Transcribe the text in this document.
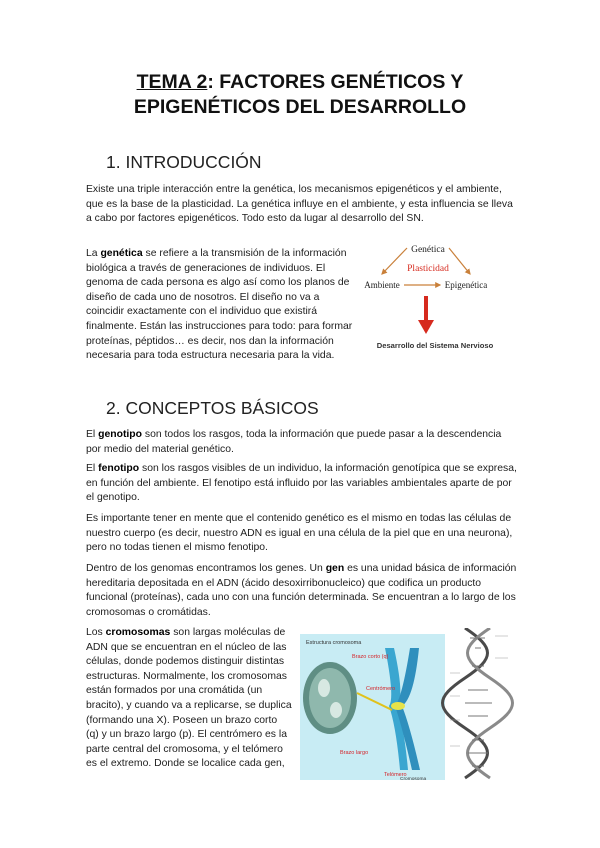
TEMA 2: FACTORES GENÉTICOS Y
EPIGENÉTICOS DEL DESARROLLO
1. INTRODUCCIÓN

Existe una triple interacción entre la genética, los mecanismos epigenéticos y el ambiente, que es la base de la plasticidad. La genética influye en el ambiente, y esta influencia se lleva a cabo por factores epigenéticos. Todo esto da lugar al desarrollo del SN.

La genética se refiere a la transmisión de la información biológica a través de generaciones de individuos. El genoma de cada persona es algo así como los planos de diseño de cada uno de nosotros. El diseño no va a coincidir exactamente con el individuo que existirá finalmente. Están las instrucciones para todo: para formar proteínas, péptidos… es decir, nos dan la información necesaria para toda estructura necesaria para la vida.

Genética
Plasticidad
Ambiente	Epigenética
Desarrollo del Sistema Nervioso
2. CONCEPTOS BÁSICOS

El genotipo son todos los rasgos, toda la información que puede pasar a la descendencia por medio del material genético.

El fenotipo son los rasgos visibles de un individuo, la información genotípica que se expresa, en función del ambiente. El fenotipo está influido por las variables ambientales aparte de por el genotipo.

Es importante tener en mente que el contenido genético es el mismo en todas las células de nuestro cuerpo (es decir, nuestro ADN es igual en una célula de la piel que en una neurona), pero no todas tienen el mismo fenotipo.

Dentro de los genomas encontramos los genes. Un gen es una unidad básica de información hereditaria depositada en el ADN (ácido desoxirribonucleico) que codifica un producto funcional (proteínas), cada uno con una función determinada. Se encuentran a lo largo de los cromosomas o cromátidas.

Los cromosomas son largas moléculas de ADN que se encuentran en el núcleo de las células, donde podemos distinguir distintas estructuras. Normalmente, los cromosomas están formados por una cromátida (un bracito), y cuando va a replicarse, se duplica (formando una X). Poseen un brazo corto (q) y un brazo largo (p). El centrómero es la parte central del cromosoma, y el telómero es el extremo. Donde se localice cada gen,

Estructura cromosoma
Brazo corto (q)
Centrómero
Brazo largo
Telómero
Cromosoma
